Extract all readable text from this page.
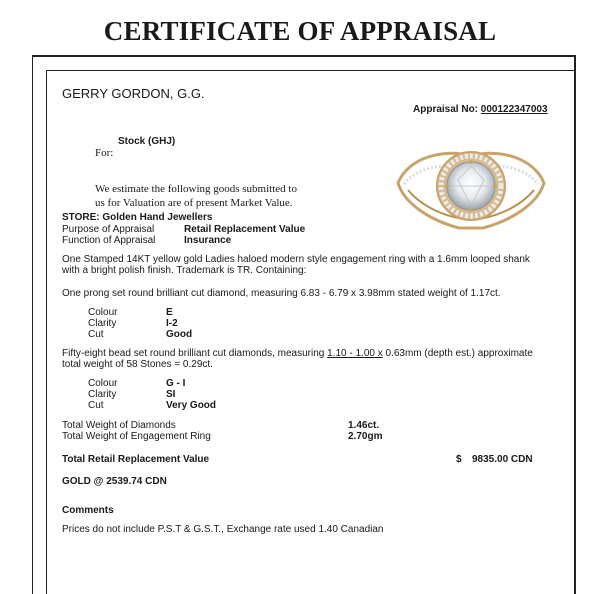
CERTIFICATE OF APPRAISAL
GERRY GORDON, G.G.
Appraisal No: 000122347003
Stock (GHJ)
For:
We estimate the following goods submitted to
us for Valuation are of present Market Value.
STORE: Golden Hand Jewellers
Purpose of Appraisal	Retail Replacement Value
Function of Appraisal	Insurance
One Stamped 14KT yellow gold Ladies haloed modern style engagement ring with a 1.6mm looped shank
with a bright polish finish. Trademark is TR. Containing:
One prong set round brilliant cut diamond, measuring 6.83 - 6.79 x 3.98mm stated weight of 1.17ct.
Colour	E
Clarity	I-2
Cut	Good
Fifty-eight bead set round brilliant cut diamonds, measuring 1.10 - 1.00 x 0.63mm (depth est.) approximate
total weight of 58 Stones = 0.29ct.
Colour	G - I
Clarity	SI
Cut	Very Good
Total Weight of Diamonds	1.46ct.
Total Weight of Engagement Ring	2.70gm
Total Retail Replacement Value	$ 9835.00 CDN
GOLD @ 2539.74 CDN
Comments
Prices do not include P.S.T & G.S.T., Exchange rate used 1.40 Canadian
